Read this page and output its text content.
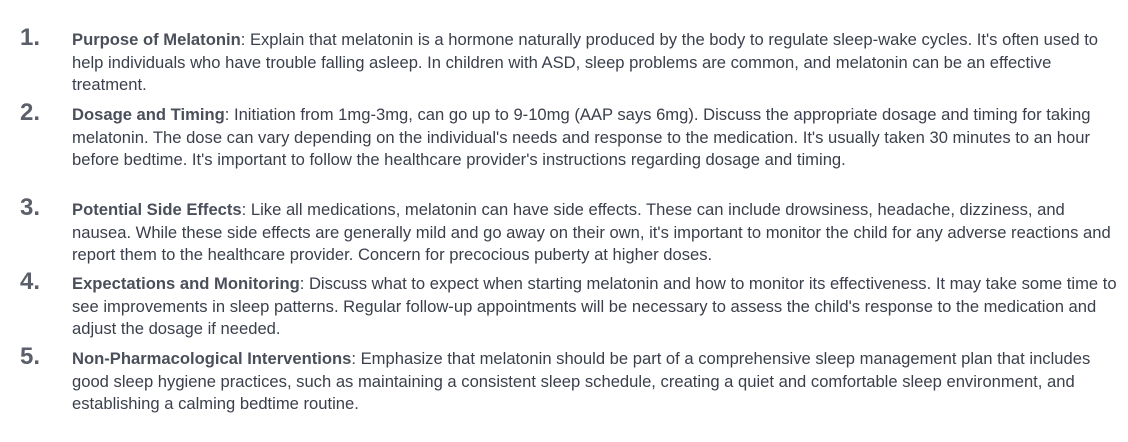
1. Purpose of Melatonin: Explain that melatonin is a hormone naturally produced by the body to regulate sleep-wake cycles. It's often used to help individuals who have trouble falling asleep. In children with ASD, sleep problems are common, and melatonin can be an effective treatment.
2. Dosage and Timing: Initiation from 1mg-3mg, can go up to 9-10mg (AAP says 6mg). Discuss the appropriate dosage and timing for taking melatonin. The dose can vary depending on the individual's needs and response to the medication. It's usually taken 30 minutes to an hour before bedtime. It's important to follow the healthcare provider's instructions regarding dosage and timing.
3. Potential Side Effects: Like all medications, melatonin can have side effects. These can include drowsiness, headache, dizziness, and nausea. While these side effects are generally mild and go away on their own, it's important to monitor the child for any adverse reactions and report them to the healthcare provider. Concern for precocious puberty at higher doses.
4. Expectations and Monitoring: Discuss what to expect when starting melatonin and how to monitor its effectiveness. It may take some time to see improvements in sleep patterns. Regular follow-up appointments will be necessary to assess the child's response to the medication and adjust the dosage if needed.
5. Non-Pharmacological Interventions: Emphasize that melatonin should be part of a comprehensive sleep management plan that includes good sleep hygiene practices, such as maintaining a consistent sleep schedule, creating a quiet and comfortable sleep environment, and establishing a calming bedtime routine.
